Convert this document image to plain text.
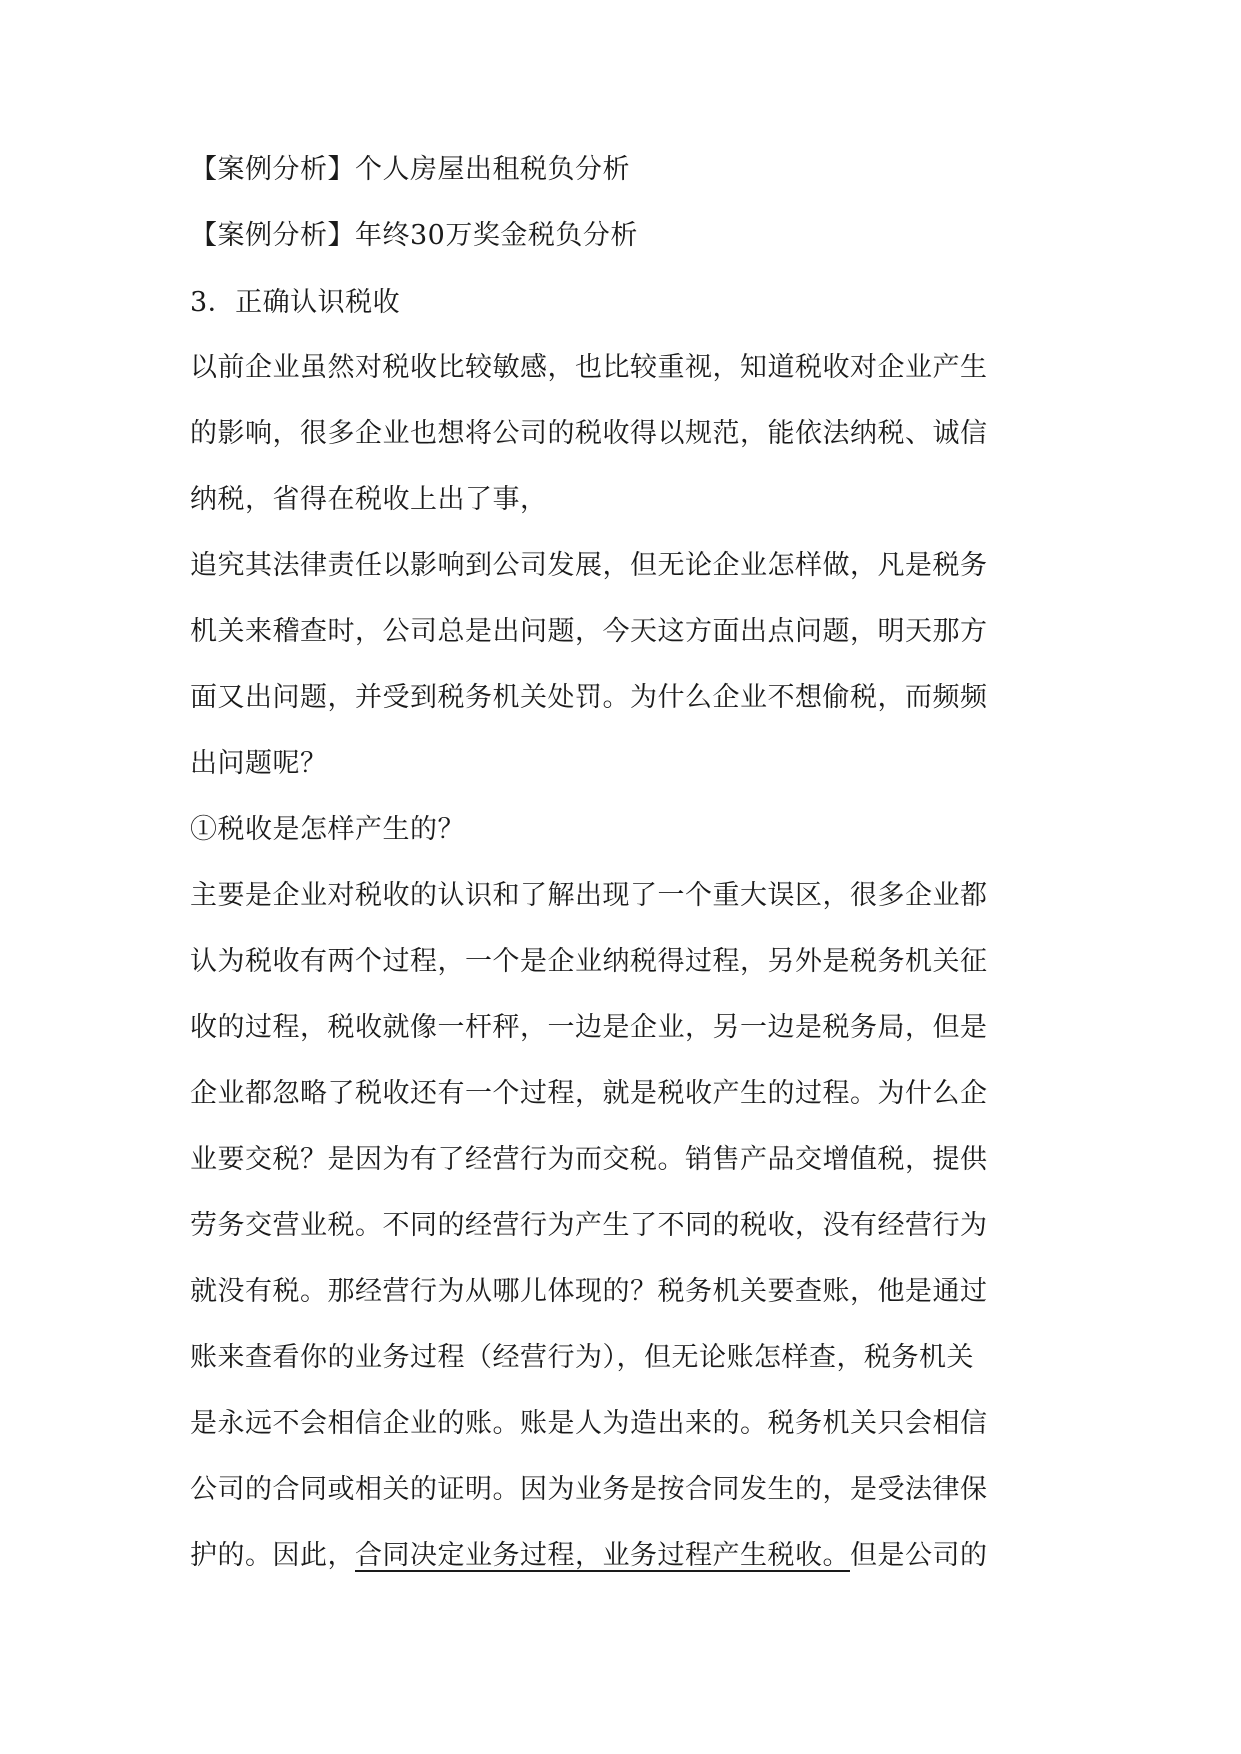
【案例分析】个人房屋出租税负分析
【案例分析】年终30万奖金税负分析
3．正确认识税收
以前企业虽然对税收比较敏感，也比较重视，知道税收对企业产生
的影响，很多企业也想将公司的税收得以规范，能依法纳税、诚信
纳税，省得在税收上出了事，
追究其法律责任以影响到公司发展，但无论企业怎样做，凡是税务
机关来稽查时，公司总是出问题，今天这方面出点问题，明天那方
面又出问题，并受到税务机关处罚。为什么企业不想偷税，而频频
出问题呢？
①税收是怎样产生的？
主要是企业对税收的认识和了解出现了一个重大误区，很多企业都
认为税收有两个过程，一个是企业纳税得过程，另外是税务机关征
收的过程，税收就像一杆秤，一边是企业，另一边是税务局，但是
企业都忽略了税收还有一个过程，就是税收产生的过程。为什么企
业要交税？是因为有了经营行为而交税。销售产品交增值税，提供
劳务交营业税。不同的经营行为产生了不同的税收，没有经营行为
就没有税。那经营行为从哪儿体现的？税务机关要查账，他是通过
账来查看你的业务过程（经营行为），但无论账怎样查，税务机关
是永远不会相信企业的账。账是人为造出来的。税务机关只会相信
公司的合同或相关的证明。因为业务是按合同发生的，是受法律保
护的。因此，合同决定业务过程，业务过程产生税收。但是公司的
